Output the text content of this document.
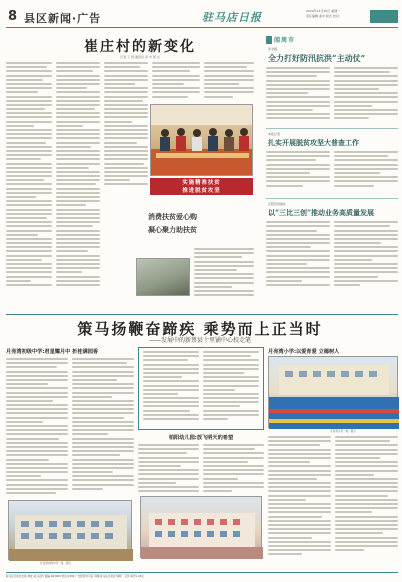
8 县区新闻·广告	驻马店日报	2020年11月30日 星期一
责任编辑 美术 版式 校对
崔庄村的新变化
记者 丁 琦 通讯员 李 中 周 文
实施精准扶贫
推进脱贫攻坚
消费扶贫爱心购
凝心聚力助扶贫
闻周市
李书娟
全力打好防汛抗洪“主动仗”
本报记者
扎实开展脱贫攻坚大普查工作
正阳县供销社
以“三比三创”推动业务高质量发展
策马扬鞭奋蹄疾 乘势而上正当时
——发展中的新蔡县十里铺中心校走笔
月亮湾初级中学:君星耀月中 折桂满园香
月亮湾初级中学一角。图片
柏阳幼儿园:放飞明天的希望
月亮湾小学:以爱育爱 立德树人
月亮湾小学一角。图片
驻马店日报社出版 地址:驻马店市 邮编:463000 电话:0396 广告经营许可证 印刷:驻马店日报社印刷厂 定价:每份1.00元
